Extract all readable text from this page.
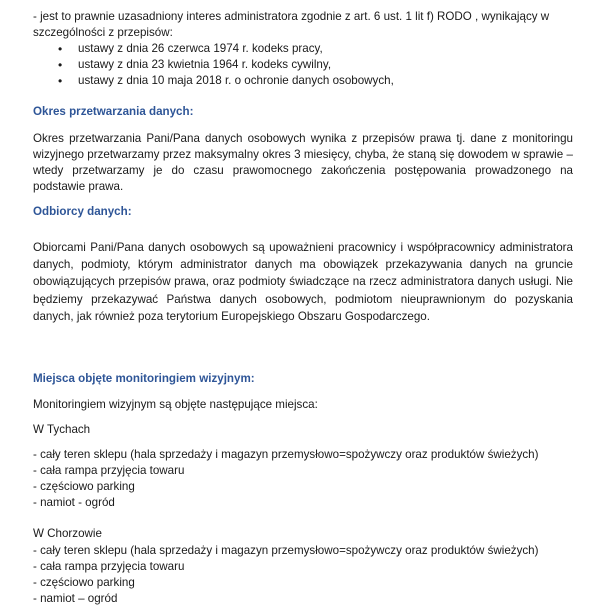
- jest to prawnie uzasadniony interes administratora zgodnie z art. 6 ust. 1 lit f) RODO , wynikający w szczególności z przepisów:
• ustawy z dnia 26 czerwca 1974 r. kodeks pracy,
• ustawy z dnia 23 kwietnia 1964 r. kodeks cywilny,
• ustawy z dnia 10 maja 2018 r. o ochronie danych osobowych,
Okres przetwarzania danych:
Okres przetwarzania Pani/Pana danych osobowych wynika z przepisów prawa tj. dane z monitoringu wizyjnego przetwarzamy przez maksymalny okres 3 miesięcy, chyba, że staną się dowodem w sprawie – wtedy przetwarzamy je do czasu prawomocnego zakończenia postępowania prowadzonego na podstawie prawa.
Odbiorcy danych:
Obiorcami Pani/Pana danych osobowych są upoważnieni pracownicy i współpracownicy administratora danych, podmioty, którym administrator danych ma obowiązek przekazywania danych na gruncie obowiązujących przepisów prawa, oraz podmioty świadczące na rzecz administratora danych usługi. Nie będziemy przekazywać Państwa danych osobowych, podmiotom nieuprawnionym do pozyskania danych, jak również poza terytorium Europejskiego Obszaru Gospodarczego.
Miejsca objęte monitoringiem wizyjnym:
Monitoringiem wizyjnym są objęte następujące miejsca:
W Tychach
- cały teren sklepu (hala sprzedaży i magazyn przemysłowo=spożywczy oraz produktów świeżych)
- cała rampa przyjęcia towaru
- częściowo parking
- namiot - ogród
W Chorzowie
- cały teren sklepu (hala sprzedaży i magazyn przemysłowo=spożywczy oraz produktów świeżych)
- cała rampa przyjęcia towaru
- częściowo parking
- namiot – ogród
